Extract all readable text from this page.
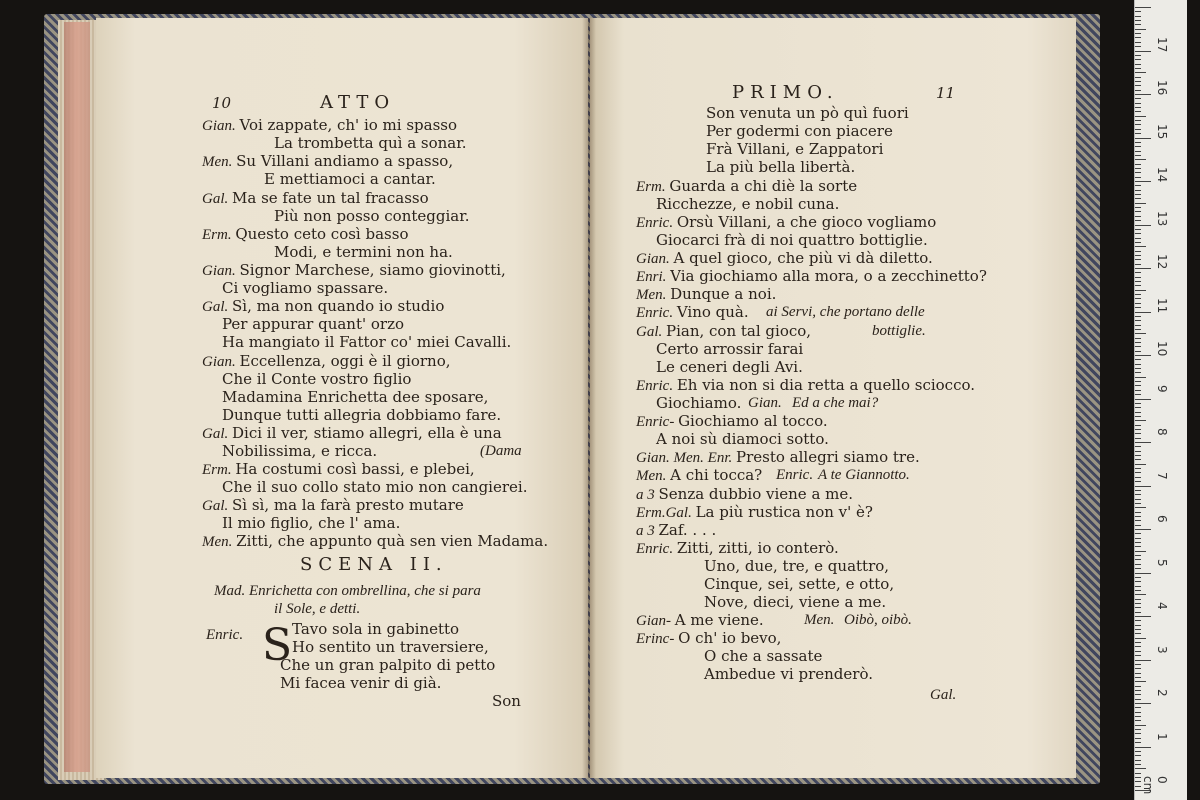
10	ATTO
Gian. Voi zappate, ch' io mi spasso
La trombetta quì a sonar.
Men. Su Villani andiamo a spasso,
E mettiamoci a cantar.
Gal. Ma se fate un tal fracasso
Più non posso conteggiar.
Erm. Questo ceto così basso
Modi, e termini non ha.
Gian. Signor Marchese, siamo giovinotti,
Ci vogliamo spassare.
Gal. Sì, ma non quando io studio
Per appurar quant' orzo
Ha mangiato il Fattor co' miei Cavalli.
Gian. Eccellenza, oggi è il giorno,
Che il Conte vostro figlio
Madamina Enrichetta dee sposare,
Dunque tutti allegria dobbiamo fare.
Gal. Dici il ver, stiamo allegri, ella è una
Nobilissima, e ricca.
Erm. Ha costumi così bassi, e plebei,
Che il suo collo stato mio non cangierei.
Gal. Sì sì, ma la farà presto mutare
Il mio figlio, che l' ama.
Men. Zitti, che appunto quà sen vien Madama.
(Dama
SCENA II.
Mad. Enrichetta con ombrellina, che si para
il Sole, e detti.
Enric. S Tavo sola in gabinetto
Ho sentito un traversiere,
Che un gran palpito di petto
Mi facea venir di già.
Son
PRIMO.	11
Son venuta un pò quì fuori
Per godermi con piacere
Frà Villani, e Zappatori
La più bella libertà.
Erm. Guarda a chi diè la sorte
Ricchezze, e nobil cuna.
Enric. Orsù Villani, a che gioco vogliamo
Giocarci frà di noi quattro bottiglie.
Gian. A quel gioco, che più vi dà diletto.
Enri. Via giochiamo alla mora, o a zecchinetto?
Men. Dunque a noi.
Enric. Vino quà.
Gal. Pian, con tal gioco,
Certo arrossir farai
Le ceneri degli Avi.
Enric. Eh via non si dia retta a quello sciocco.
Giochiamo.
Enric- Giochiamo al tocco.
A noi sù diamoci sotto.
Gian. Men. Enr. Presto allegri siamo tre.
Men. A chi tocca?
a 3 Senza dubbio viene a me.
Erm.Gal. La più rustica non v' è?
a 3 Zaf. . . .
Enric. Zitti, zitti, io conterò.
Uno, due, tre, e quattro,
Cinque, sei, sette, e otto,
Nove, dieci, viene a me.
Gian- A me viene.
Erinc- O ch' io bevo,
O che a sassate
Ambedue vi prenderò.
ai Servi, che portano delle
bottiglie.
Gian. Ed a che mai?
Enric. A te Giannotto.
Men. Oibò, oibò.
Gal.
17
16
15
14
13
12
11
10
9
8
7
6
5
4
3
2
1
0 cm
